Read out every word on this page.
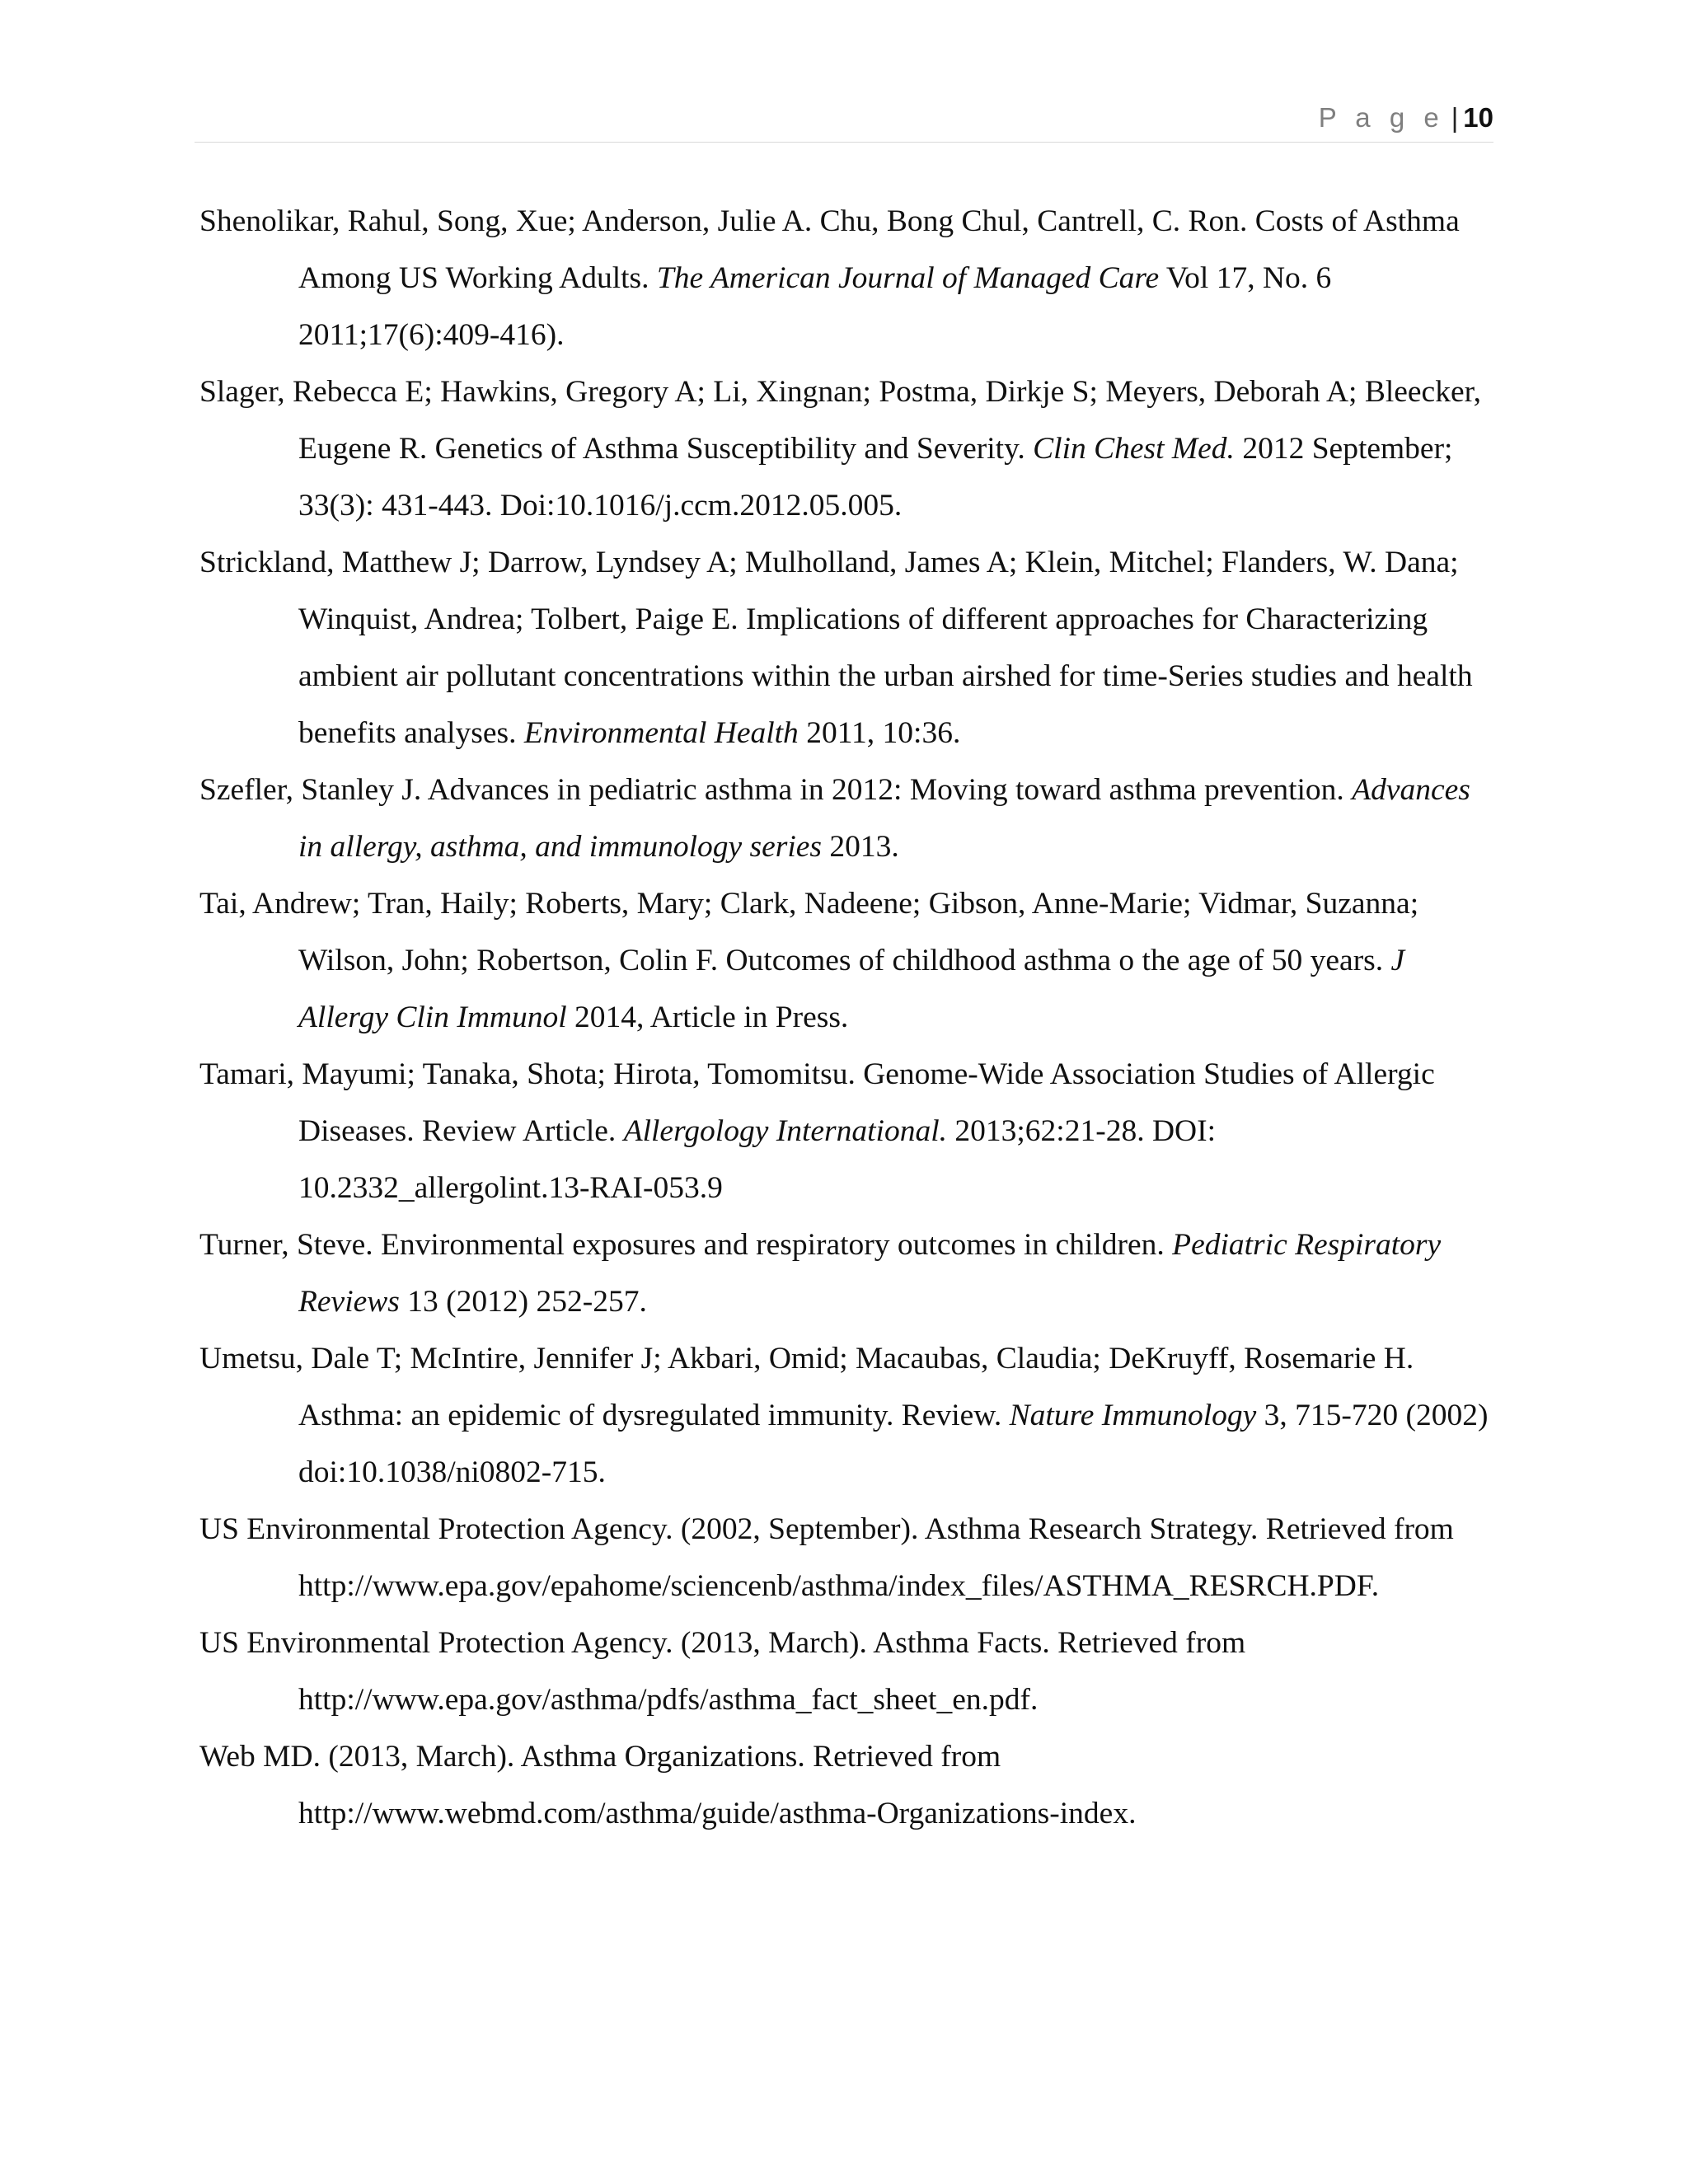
P a g e | 10
Shenolikar, Rahul, Song, Xue; Anderson, Julie A. Chu, Bong Chul, Cantrell, C. Ron. Costs of Asthma Among US Working Adults. The American Journal of Managed Care Vol 17, No. 6 2011;17(6):409-416).
Slager, Rebecca E; Hawkins, Gregory A; Li, Xingnan; Postma, Dirkje S; Meyers, Deborah A; Bleecker, Eugene R. Genetics of Asthma Susceptibility and Severity. Clin Chest Med. 2012 September; 33(3): 431-443. Doi:10.1016/j.ccm.2012.05.005.
Strickland, Matthew J; Darrow, Lyndsey A; Mulholland, James A; Klein, Mitchel; Flanders, W. Dana; Winquist, Andrea; Tolbert, Paige E. Implications of different approaches for Characterizing ambient air pollutant concentrations within the urban airshed for time-Series studies and health benefits analyses. Environmental Health 2011, 10:36.
Szefler, Stanley J. Advances in pediatric asthma in 2012: Moving toward asthma prevention. Advances in allergy, asthma, and immunology series 2013.
Tai, Andrew; Tran, Haily; Roberts, Mary; Clark, Nadeene; Gibson, Anne-Marie; Vidmar, Suzanna; Wilson, John; Robertson, Colin F. Outcomes of childhood asthma o the age of 50 years. J Allergy Clin Immunol 2014, Article in Press.
Tamari, Mayumi; Tanaka, Shota; Hirota, Tomomitsu. Genome-Wide Association Studies of Allergic Diseases. Review Article. Allergology International. 2013;62:21-28. DOI: 10.2332_allergolint.13-RAI-053.9
Turner, Steve. Environmental exposures and respiratory outcomes in children. Pediatric Respiratory Reviews 13 (2012) 252-257.
Umetsu, Dale T; McIntire, Jennifer J; Akbari, Omid; Macaubas, Claudia; DeKruyff, Rosemarie H. Asthma: an epidemic of dysregulated immunity. Review. Nature Immunology 3, 715-720 (2002) doi:10.1038/ni0802-715.
US Environmental Protection Agency. (2002, September). Asthma Research Strategy. Retrieved from http://www.epa.gov/epahome/sciencenb/asthma/index_files/ASTHMA_RESRCH.PDF.
US Environmental Protection Agency. (2013, March). Asthma Facts. Retrieved from http://www.epa.gov/asthma/pdfs/asthma_fact_sheet_en.pdf.
Web MD. (2013, March). Asthma Organizations. Retrieved from http://www.webmd.com/asthma/guide/asthma-Organizations-index.
